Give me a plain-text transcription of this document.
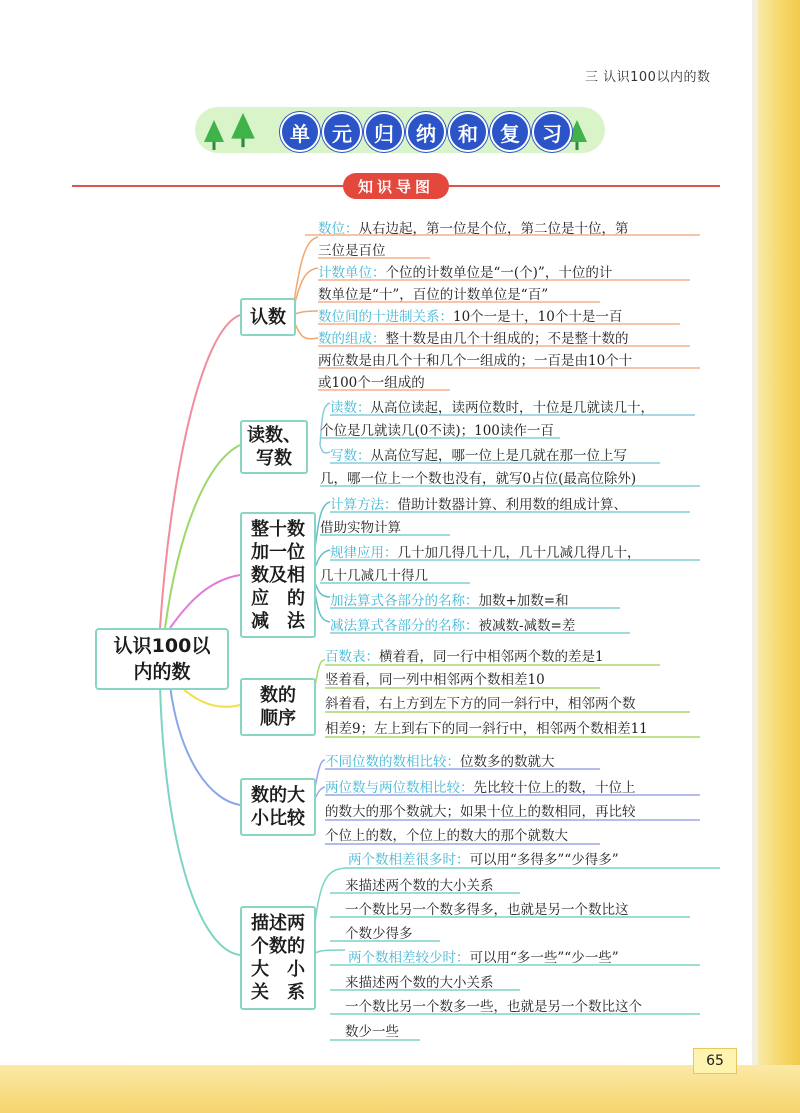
三 认识100以内的数
单	元	归	纳	和	复	习
知识导图
认识100以
内的数
认数
读数、
写数
整十数
加一位
数及相
应　的
减　法
数的
顺序
数的大
小比较
描述两
个数的
大　小
关　系
数位：从右边起，第一位是个位，第二位是十位，第
三位是百位
计数单位：个位的计数单位是“一(个)”，十位的计
数单位是“十”，百位的计数单位是“百”
数位间的十进制关系：10个一是十，10个十是一百
数的组成：整十数是由几个十组成的；不是整十数的
两位数是由几个十和几个一组成的；一百是由10个十
或100个一组成的
读数：从高位读起，读两位数时，十位是几就读几十，
个位是几就读几(0不读)；100读作一百
写数：从高位写起，哪一位上是几就在那一位上写
几，哪一位上一个数也没有，就写0占位(最高位除外)
计算方法：借助计数器计算、利用数的组成计算、
借助实物计算
规律应用：几十加几得几十几，几十几减几得几十，
几十几减几十得几
加法算式各部分的名称：加数+加数=和
减法算式各部分的名称：被减数-减数=差
百数表：横着看，同一行中相邻两个数的差是1
竖着看，同一列中相邻两个数相差10
斜着看，右上方到左下方的同一斜行中，相邻两个数
相差9；左上到右下的同一斜行中，相邻两个数相差11
不同位数的数相比较：位数多的数就大
两位数与两位数相比较：先比较十位上的数，十位上
的数大的那个数就大；如果十位上的数相同，再比较
个位上的数，个位上的数大的那个就数大
两个数相差很多时：可以用“多得多”“少得多”
来描述两个数的大小关系
一个数比另一个数多得多，也就是另一个数比这
个数少得多
两个数相差较少时：可以用“多一些”“少一些”
来描述两个数的大小关系
一个数比另一个数多一些，也就是另一个数比这个
数少一些
65
